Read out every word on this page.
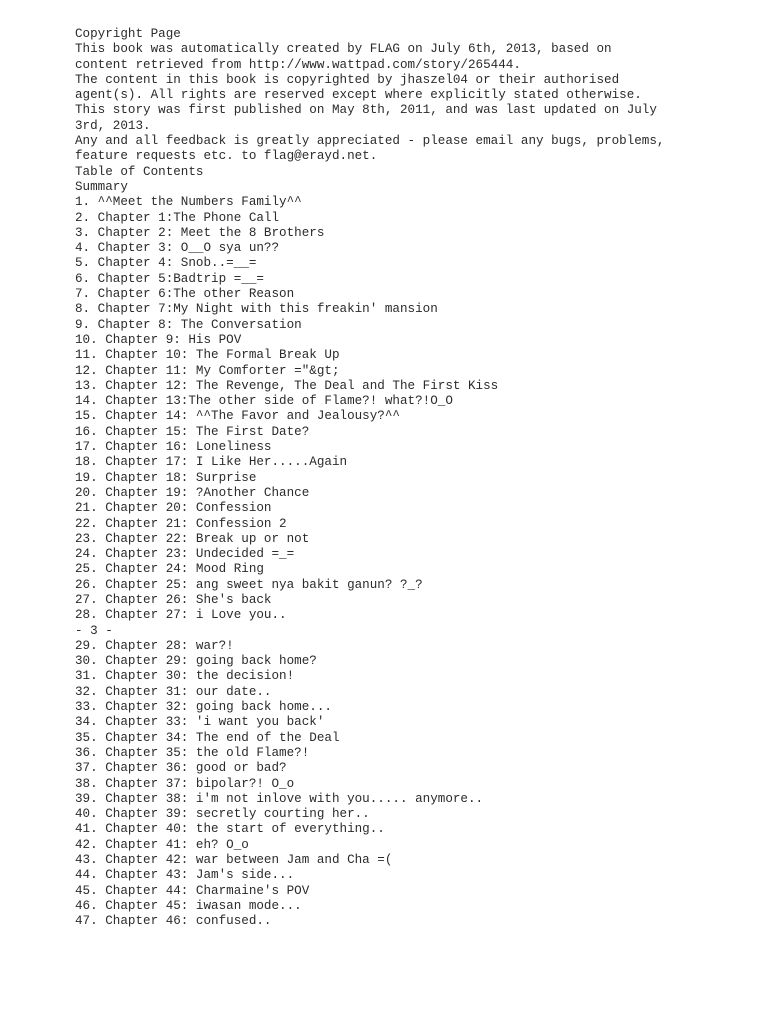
Copyright Page
This book was automatically created by FLAG on July 6th, 2013, based on
content retrieved from http://www.wattpad.com/story/265444.
The content in this book is copyrighted by jhaszel04 or their authorised
agent(s). All rights are reserved except where explicitly stated otherwise.
This story was first published on May 8th, 2011, and was last updated on July
3rd, 2013.
Any and all feedback is greatly appreciated - please email any bugs, problems,
feature requests etc. to flag@erayd.net.
Table of Contents
Summary
1. ^^Meet the Numbers Family^^
2. Chapter 1:The Phone Call
3. Chapter 2: Meet the 8 Brothers
4. Chapter 3: O__O sya un??
5. Chapter 4: Snob..=__=
6. Chapter 5:Badtrip =__=
7. Chapter 6:The other Reason
8. Chapter 7:My Night with this freakin' mansion
9. Chapter 8: The Conversation
10. Chapter 9: His POV
11. Chapter 10: The Formal Break Up
12. Chapter 11: My Comforter ="&gt;
13. Chapter 12: The Revenge, The Deal and The First Kiss
14. Chapter 13:The other side of Flame?! what?!O_O
15. Chapter 14: ^^The Favor and Jealousy?^^
16. Chapter 15: The First Date?
17. Chapter 16: Loneliness
18. Chapter 17: I Like Her.....Again
19. Chapter 18: Surprise
20. Chapter 19: ?Another Chance
21. Chapter 20: Confession
22. Chapter 21: Confession 2
23. Chapter 22: Break up or not
24. Chapter 23: Undecided =_=
25. Chapter 24: Mood Ring
26. Chapter 25: ang sweet nya bakit ganun? ?_?
27. Chapter 26: She's back
28. Chapter 27: i Love you..
- 3 -
29. Chapter 28: war?!
30. Chapter 29: going back home?
31. Chapter 30: the decision!
32. Chapter 31: our date..
33. Chapter 32: going back home...
34. Chapter 33: 'i want you back'
35. Chapter 34: The end of the Deal
36. Chapter 35: the old Flame?!
37. Chapter 36: good or bad?
38. Chapter 37: bipolar?! O_o
39. Chapter 38: i'm not inlove with you..... anymore..
40. Chapter 39: secretly courting her..
41. Chapter 40: the start of everything..
42. Chapter 41: eh? O_o
43. Chapter 42: war between Jam and Cha =(
44. Chapter 43: Jam's side...
45. Chapter 44: Charmaine's POV
46. Chapter 45: iwasan mode...
47. Chapter 46: confused..
